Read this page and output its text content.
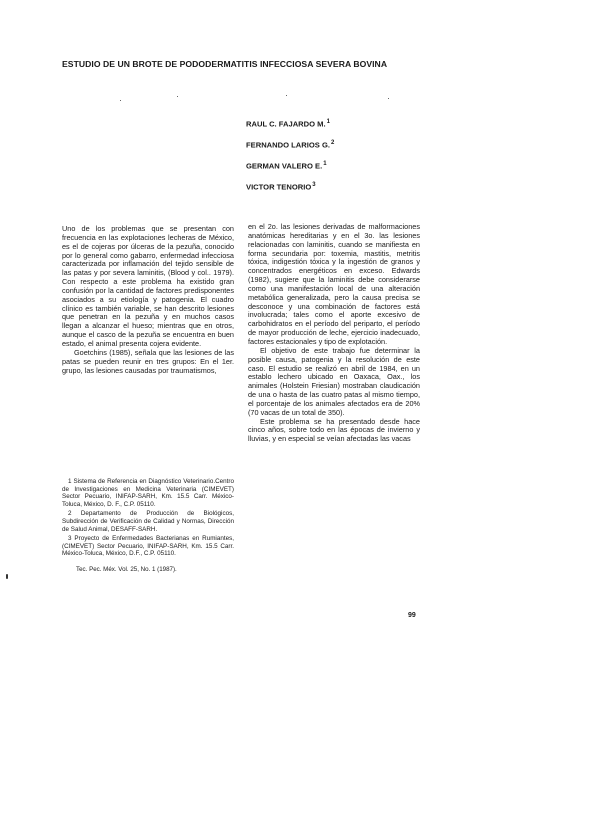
ESTUDIO DE UN BROTE DE PODODERMATITIS INFECCIOSA SEVERA BOVINA
RAUL C. FAJARDO M.$^1$
FERNANDO LARIOS G.$^2$
GERMAN VALERO E.$^1$
VICTOR TENORIO$^3$

Uno de los problemas que se presentan con frecuencia en las explotaciones lecheras de México, es el de cojeras por úlceras de la pezuña, conocido por lo general como gabarro, enfermedad infecciosa caracterizada por inflamación del tejido sensible de las patas y por severa laminitis, (Blood y col.. 1979). Con respecto a este problema ha existido gran confusión por la cantidad de factores predisponentes asociados a su etiología y patogenia. El cuadro clínico es también variable, se han descrito lesiones que penetran en la pezuña y en muchos casos llegan a alcanzar el hueso; mientras que en otros, aunque el casco de la pezuña se encuentra en buen estado, el animal presenta cojera evidente.

Goetchins (1985), señala que las lesiones de las patas se pueden reunir en tres grupos: En el 1er. grupo, las lesiones causadas por traumatismos,

1 Sistema de Referencia en Diagnóstico Veterinario.Centro de Investigaciones en Medicina Veterinaria (CIMEVET) Sector Pecuario, INIFAP-SARH, Km. 15.5 Carr. México-Toluca, México, D. F., C.P. 05110.

2 Departamento de Producción de Biológicos, Subdirección de Verificación de Calidad y Normas, Dirección de Salud Animal, DESAFF-SARH.

3 Proyecto de Enfermedades Bacterianas en Rumiantes, (CIMEVET) Sector Pecuario, INIFAP-SARH, Km. 15.5 Carr. México-Toluca, México, D.F., C.P. 05110.

Tec. Pec. Méx. Vol. 25, No. 1 (1987).

en el 2o. las lesiones derivadas de malformaciones anatómicas hereditarias y en el 3o. las lesiones relacionadas con laminitis, cuando se manifiesta en forma secundaria por: toxemia, mastitis, metritis tóxica, indigestión tóxica y la ingestión de granos y concentrados energéticos en exceso. Edwards (1982), sugiere que la laminitis debe considerarse como una manifestación local de una alteración metabólica generalizada, pero la causa precisa se desconoce y una combinación de factores está involucrada; tales como el aporte excesivo de carbohidratos en el período del periparto, el período de mayor producción de leche, ejercicio inadecuado, factores estacionales y tipo de explotación.

El objetivo de este trabajo fue determinar la posible causa, patogenia y la resolución de este caso. El estudio se realizó en abril de 1984, en un establo lechero ubicado en Oaxaca, Oax., los animales (Holstein Friesian) mostraban claudicación de una o hasta de las cuatro patas al mismo tiempo, el porcentaje de los animales afectados era de 20% (70 vacas de un total de 350).

Este problema se ha presentado desde hace cinco años, sobre todo en las épocas de invierno y lluvias, y en especial se veían afectadas las vacas

99
